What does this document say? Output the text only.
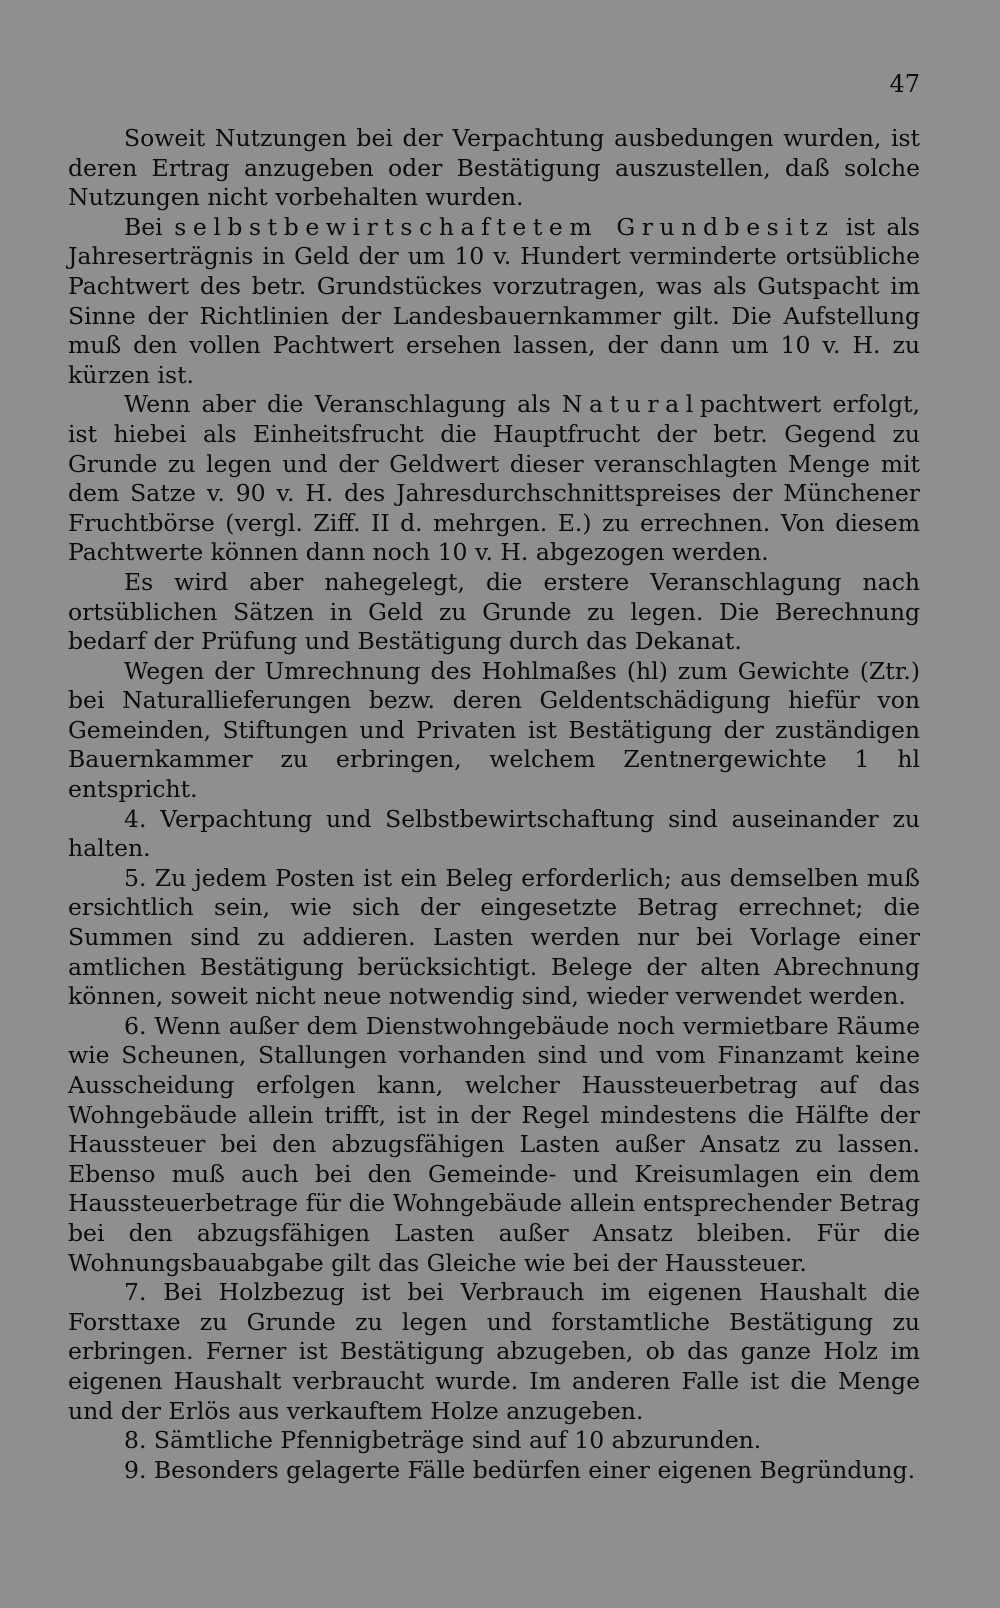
47

Soweit Nutzungen bei der Verpachtung ausbedungen wurden, ist deren Ertrag anzugeben oder Bestätigung auszustellen, daß solche Nutzungen nicht vorbehalten wurden.

Bei selbstbewirtschaftetem Grundbesitz ist als Jahreserträgnis in Geld der um 10 v. Hundert verminderte ortsübliche Pachtwert des betr. Grundstückes vorzutragen, was als Gutspacht im Sinne der Richtlinien der Landesbauernkammer gilt. Die Aufstellung muß den vollen Pachtwert ersehen lassen, der dann um 10 v. H. zu kürzen ist.

Wenn aber die Veranschlagung als Naturalpachtwert erfolgt, ist hiebei als Einheitsfrucht die Hauptfrucht der betr. Gegend zu Grunde zu legen und der Geldwert dieser veranschlagten Menge mit dem Satze v. 90 v. H. des Jahresdurchschnittspreises der Münchener Fruchtbörse (vergl. Ziff. II d. mehrgen. E.) zu errechnen. Von diesem Pachtwerte können dann noch 10 v. H. abgezogen werden.

Es wird aber nahegelegt, die erstere Veranschlagung nach ortsüblichen Sätzen in Geld zu Grunde zu legen. Die Berechnung bedarf der Prüfung und Bestätigung durch das Dekanat.

Wegen der Umrechnung des Hohlmaßes (hl) zum Gewichte (Ztr.) bei Naturallieferungen bezw. deren Geldentschädigung hiefür von Gemeinden, Stiftungen und Privaten ist Bestätigung der zuständigen Bauernkammer zu erbringen, welchem Zentnergewichte 1 hl entspricht.

4. Verpachtung und Selbstbewirtschaftung sind auseinander zu halten.

5. Zu jedem Posten ist ein Beleg erforderlich; aus demselben muß ersichtlich sein, wie sich der eingesetzte Betrag errechnet; die Summen sind zu addieren. Lasten werden nur bei Vorlage einer amtlichen Bestätigung berücksichtigt. Belege der alten Abrechnung können, soweit nicht neue notwendig sind, wieder verwendet werden.

6. Wenn außer dem Dienstwohngebäude noch vermietbare Räume wie Scheunen, Stallungen vorhanden sind und vom Finanzamt keine Ausscheidung erfolgen kann, welcher Haussteuerbetrag auf das Wohngebäude allein trifft, ist in der Regel mindestens die Hälfte der Haussteuer bei den abzugsfähigen Lasten außer Ansatz zu lassen. Ebenso muß auch bei den Gemeinde- und Kreisumlagen ein dem Haussteuerbetrage für die Wohngebäude allein entsprechender Betrag bei den abzugsfähigen Lasten außer Ansatz bleiben. Für die Wohnungsbauabgabe gilt das Gleiche wie bei der Haussteuer.

7. Bei Holzbezug ist bei Verbrauch im eigenen Haushalt die Forsttaxe zu Grunde zu legen und forstamtliche Bestätigung zu erbringen. Ferner ist Bestätigung abzugeben, ob das ganze Holz im eigenen Haushalt verbraucht wurde. Im anderen Falle ist die Menge und der Erlös aus verkauftem Holze anzugeben.

8. Sämtliche Pfennigbeträge sind auf 10 abzurunden.

9. Besonders gelagerte Fälle bedürfen einer eigenen Begründung.
